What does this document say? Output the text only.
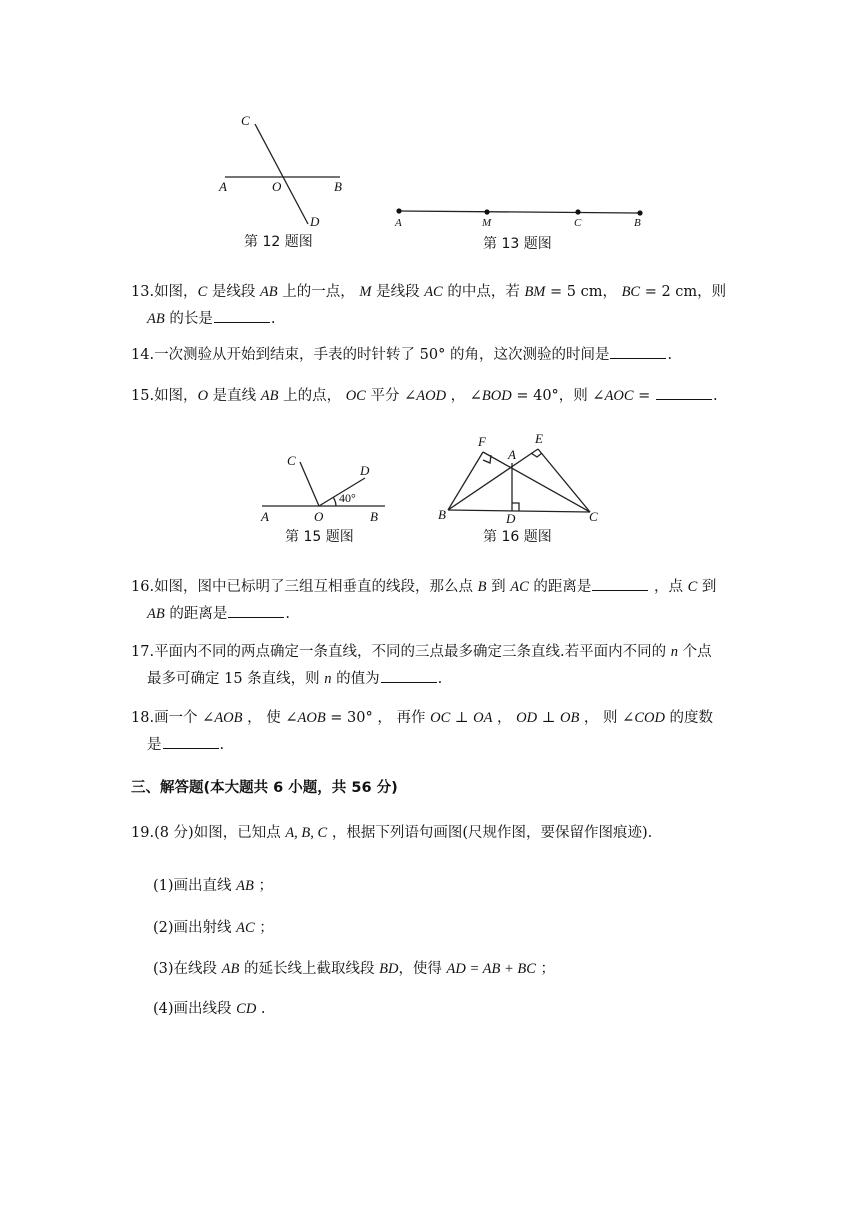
C
A	O	B
D
第 12 题图
A	M	C	B
第 13 题图
13.如图，C 是线段 AB 上的一点， M 是线段 AC 的中点，若 BM = 5 cm， BC = 2 cm，则
AB 的长是	.
14.一次测验从开始到结束，手表的时针转了 50° 的角，这次测验的时间是	.
15.如图，O 是直线 AB 上的点， OC 平分 ∠AOD ， ∠BOD = 40°，则 ∠AOC =	.
C
D
40°
A	O	B
第 15 题图
F	E
A
B	D	C
第 16 题图
16.如图，图中已标明了三组互相垂直的线段，那么点 B 到 AC 的距离是	，点 C 到
AB 的距离是	.
17.平面内不同的两点确定一条直线，不同的三点最多确定三条直线.若平面内不同的 n 个点
最多可确定 15 条直线，则 n 的值为	.
18.画一个 ∠AOB ， 使 ∠AOB = 30° ， 再作 OC ⊥ OA ， OD ⊥ OB ， 则 ∠COD 的度数
是	.
三、解答题(本大题共 6 小题，共 56 分)
19.(8 分)如图，已知点 A, B, C ，根据下列语句画图(尺规作图，要保留作图痕迹).
(1)画出直线 AB ；
(2)画出射线 AC ；
(3)在线段 AB 的延长线上截取线段 BD，使得 AD = AB + BC ；
(4)画出线段 CD .
